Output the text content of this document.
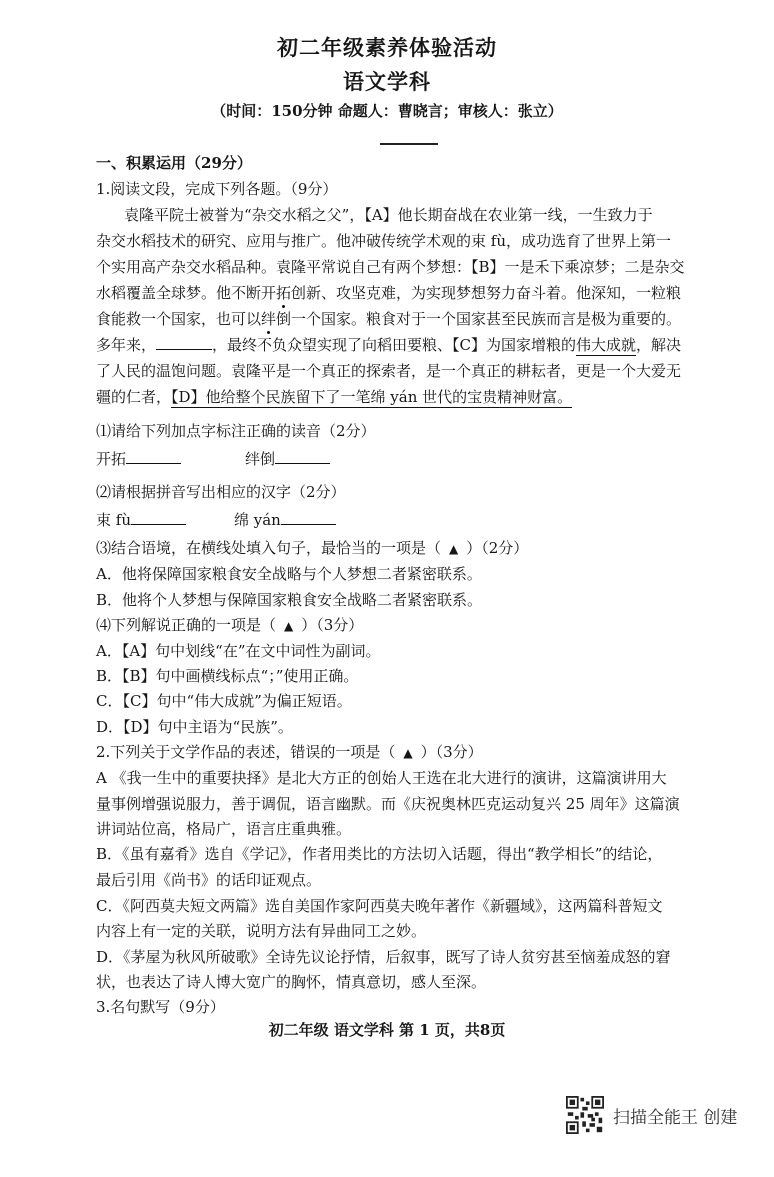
初二年级素养体验活动
语文学科
（时间：150分钟 命题人：曹晓言；审核人：张立）
一、积累运用（29分）
1.阅读文段，完成下列各题。（9分）
袁隆平院士被誉为“杂交水稻之父”，【A】他长期奋战在农业第一线，一生致力于
杂交水稻技术的研究、应用与推广。他冲破传统学术观的束 fù，成功选育了世界上第一
个实用高产杂交水稻品种。袁隆平常说自己有两个梦想：【B】一是禾下乘凉梦；二是杂交
水稻覆盖全球梦。他不断开拓创新、攻坚克难，为实现梦想努力奋斗着。他深知，一粒粮
食能救一个国家，也可以绊倒一个国家。粮食对于一个国家甚至民族而言是极为重要的。
多年来，	，最终不负众望实现了向稻田要粮、【C】为国家增粮的伟大成就，解决
了人民的温饱问题。袁隆平是一个真正的探索者，是一个真正的耕耘者，更是一个大爱无
疆的仁者，【D】他给整个民族留下了一笔绵 yán 世代的宝贵精神财富。
⑴请给下列加点字标注正确的读音（2分）
开拓	绊倒
⑵请根据拼音写出相应的汉字（2分）
束 fù	绵 yán
⑶结合语境，在横线处填入句子，最恰当的一项是（ ▲ ）（2分）
A．他将保障国家粮食安全战略与个人梦想二者紧密联系。
B．他将个人梦想与保障国家粮食安全战略二者紧密联系。
⑷下列解说正确的一项是（ ▲ ）（3分）
A．【A】句中划线“在”在文中词性为副词。
B．【B】句中画横线标点“；”使用正确。
C．【C】句中“伟大成就”为偏正短语。
D．【D】句中主语为“民族”。
2.下列关于文学作品的表述，错误的一项是（ ▲ ）（3分）
A 《我一生中的重要抉择》是北大方正的创始人王选在北大进行的演讲，这篇演讲用大
量事例增强说服力，善于调侃，语言幽默。而《庆祝奥林匹克运动复兴 25 周年》这篇演
讲词站位高，格局广，语言庄重典雅。
B．《虽有嘉肴》选自《学记》，作者用类比的方法切入话题，得出“教学相长”的结论，
最后引用《尚书》的话印证观点。
C．《阿西莫夫短文两篇》选自美国作家阿西莫夫晚年著作《新疆域》，这两篇科普短文
内容上有一定的关联，说明方法有异曲同工之妙。
D．《茅屋为秋风所破歌》全诗先议论抒情，后叙事，既写了诗人贫穷甚至恼羞成怒的窘
状，也表达了诗人博大宽广的胸怀，情真意切，感人至深。
3.名句默写（9分）
初二年级 语文学科 第 1 页，共8页
扫描全能王 创建
